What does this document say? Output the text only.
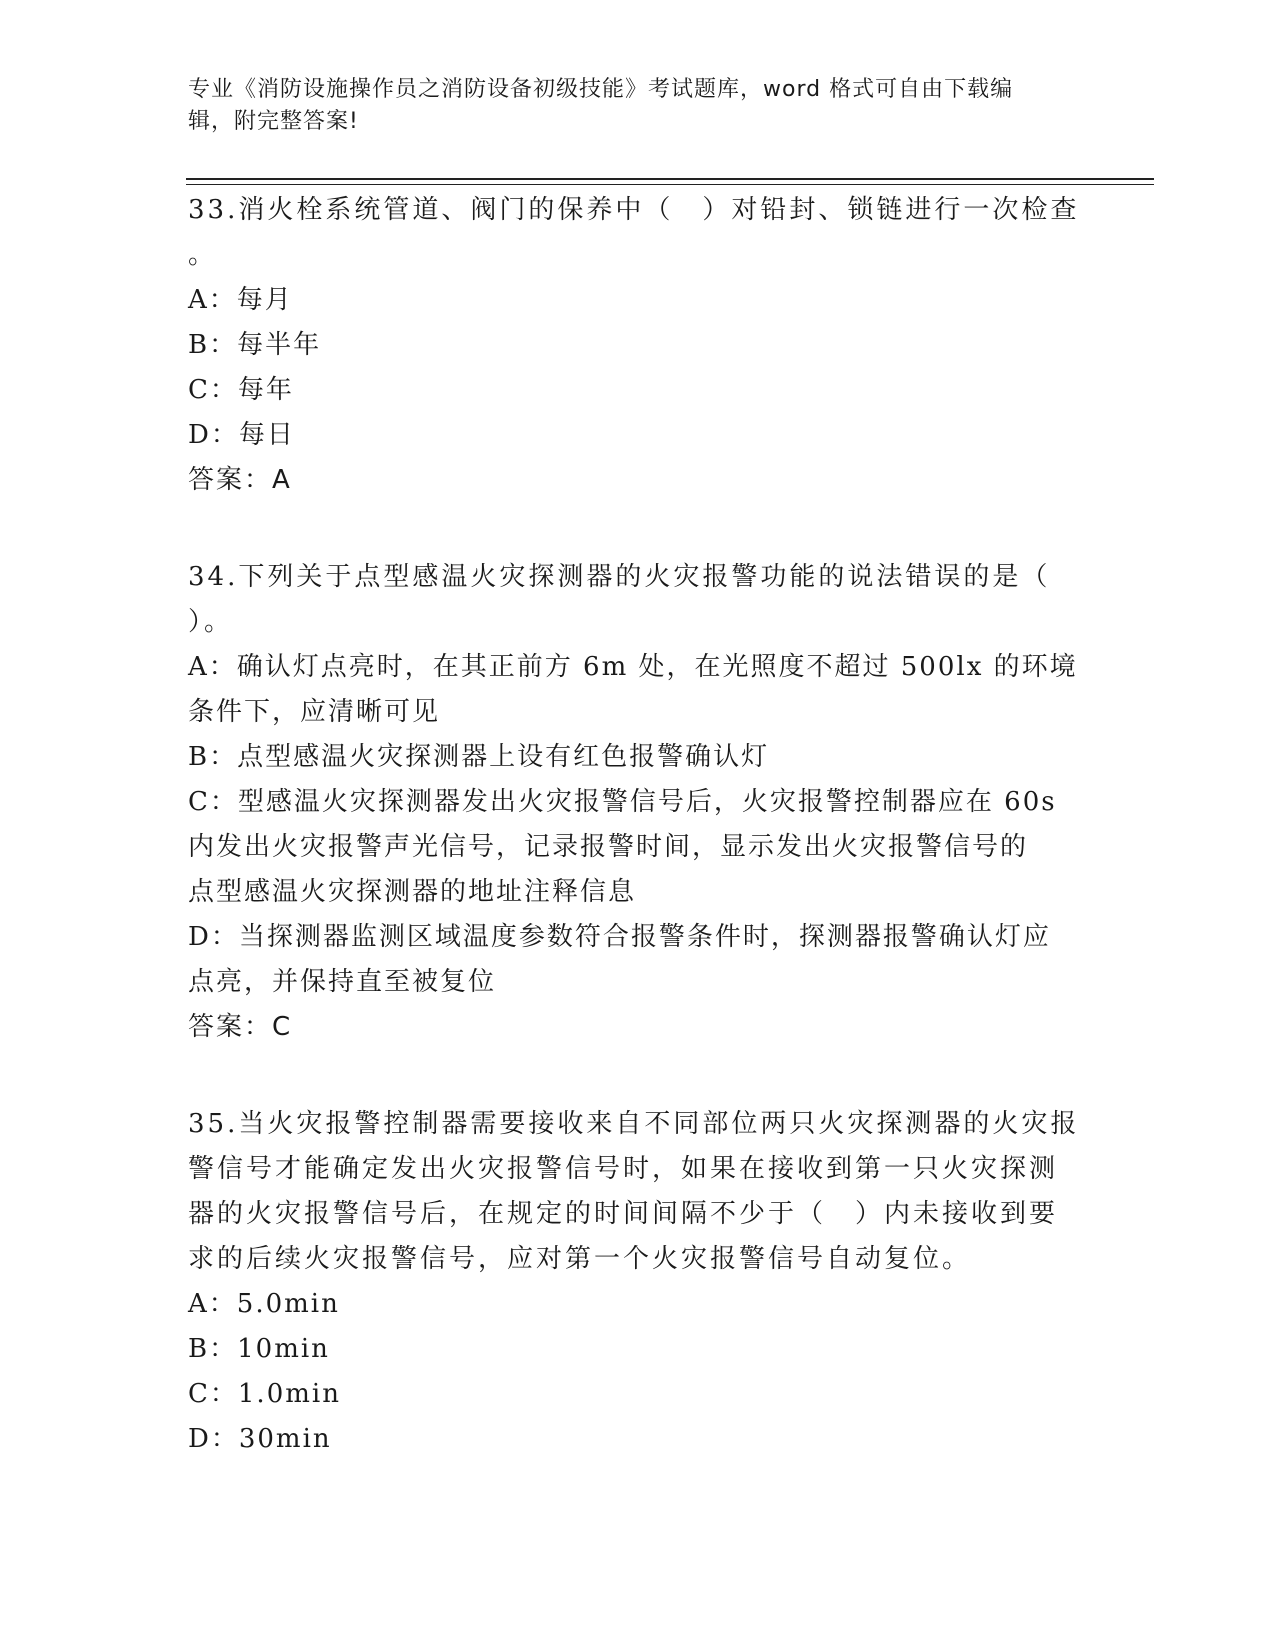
专业《消防设施操作员之消防设备初级技能》考试题库，word 格式可自由下载编
辑，附完整答案!
33.消火栓系统管道、阀门的保养中（　）对铅封、锁链进行一次检查
。
A：每月
B：每半年
C：每年
D：每日
答案：A
34.下列关于点型感温火灾探测器的火灾报警功能的说法错误的是（
）。
A：确认灯点亮时，在其正前方 6m 处，在光照度不超过 500lx 的环境
条件下，应清晰可见
B：点型感温火灾探测器上设有红色报警确认灯
C：型感温火灾探测器发出火灾报警信号后，火灾报警控制器应在 60s
内发出火灾报警声光信号，记录报警时间，显示发出火灾报警信号的
点型感温火灾探测器的地址注释信息
D：当探测器监测区域温度参数符合报警条件时，探测器报警确认灯应
点亮，并保持直至被复位
答案：C
35.当火灾报警控制器需要接收来自不同部位两只火灾探测器的火灾报
警信号才能确定发出火灾报警信号时，如果在接收到第一只火灾探测
器的火灾报警信号后，在规定的时间间隔不少于（　）内未接收到要
求的后续火灾报警信号，应对第一个火灾报警信号自动复位。
A：5.0min
B：10min
C：1.0min
D：30min
